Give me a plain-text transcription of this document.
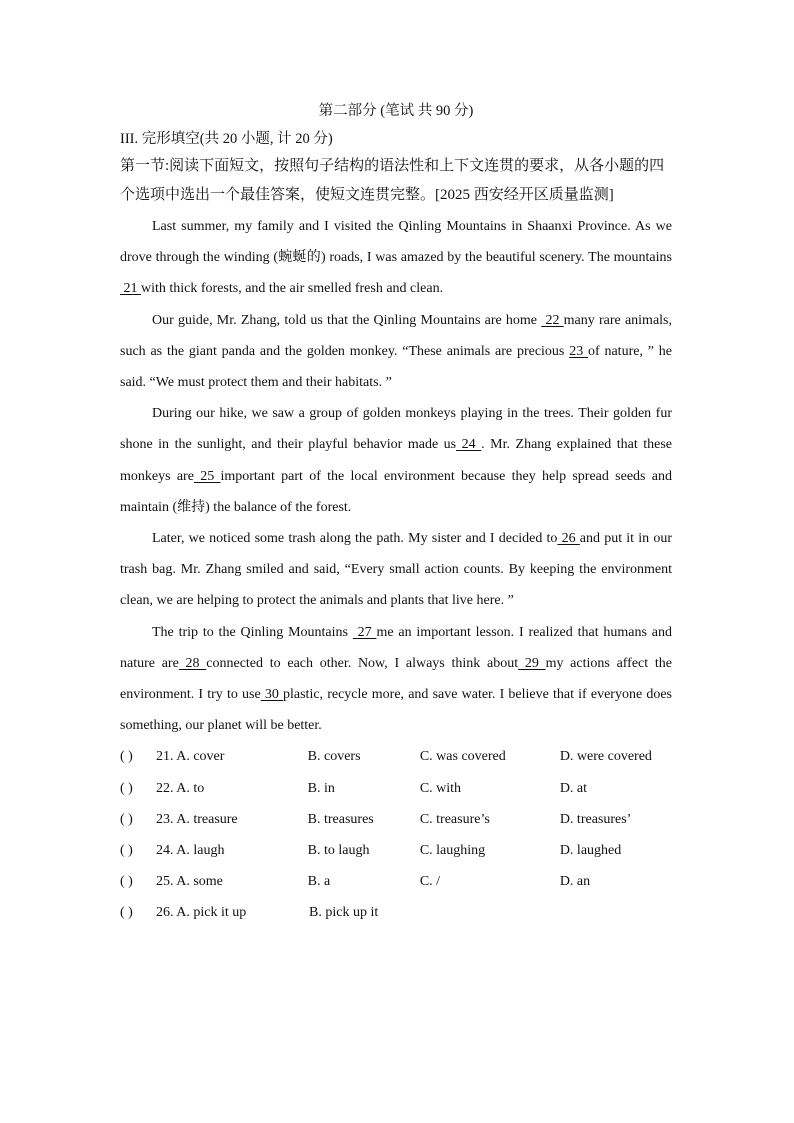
第二部分 (笔试 共 90 分)
III. 完形填空(共 20 小题, 计 20 分)
第一节:阅读下面短文，按照句子结构的语法性和上下文连贯的要求，从各小题的四个选项中选出一个最佳答案，使短文连贯完整。[2025 西安经开区质量监测]
Last summer, my family and I visited the Qinling Mountains in Shaanxi Province. As we drove through the winding (蜿蜒的) roads, I was amazed by the beautiful scenery. The mountains  21 with thick forests, and the air smelled fresh and clean.
Our guide, Mr. Zhang, told us that the Qinling Mountains are home  22 many rare animals, such as the giant panda and the golden monkey. “These animals are precious 23 of nature, ” he said. “We must protect them and their habitats. ”
During our hike, we saw a group of golden monkeys playing in the trees. Their golden fur shone in the sunlight, and their playful behavior made us 24 . Mr. Zhang explained that these monkeys are 25 important part of the local environment because they help spread seeds and maintain (维持) the balance of the forest.
Later, we noticed some trash along the path. My sister and I decided to 26 and put it in our trash bag. Mr. Zhang smiled and said, “Every small action counts. By keeping the environment clean, we are helping to protect the animals and plants that live here. ”
The trip to the Qinling Mountains  27 me an important lesson. I realized that humans and nature are 28 connected to each other. Now, I always think about 29 my actions affect the environment. I try to use 30 plastic, recycle more, and save water. I believe that if everyone does something, our planet will be better.
( )	21. A. cover	B. covers	C. was covered	D. were covered
( )	22. A. to	B. in	C. with	D. at
( )	23. A. treasure	B. treasures	C. treasure’s	D. treasures’
( )	24. A. laugh	B. to laugh	C. laughing	D. laughed
( )	25. A. some	B. a	C. /	D. an
( )	26. A. pick it up	B. pick up it
